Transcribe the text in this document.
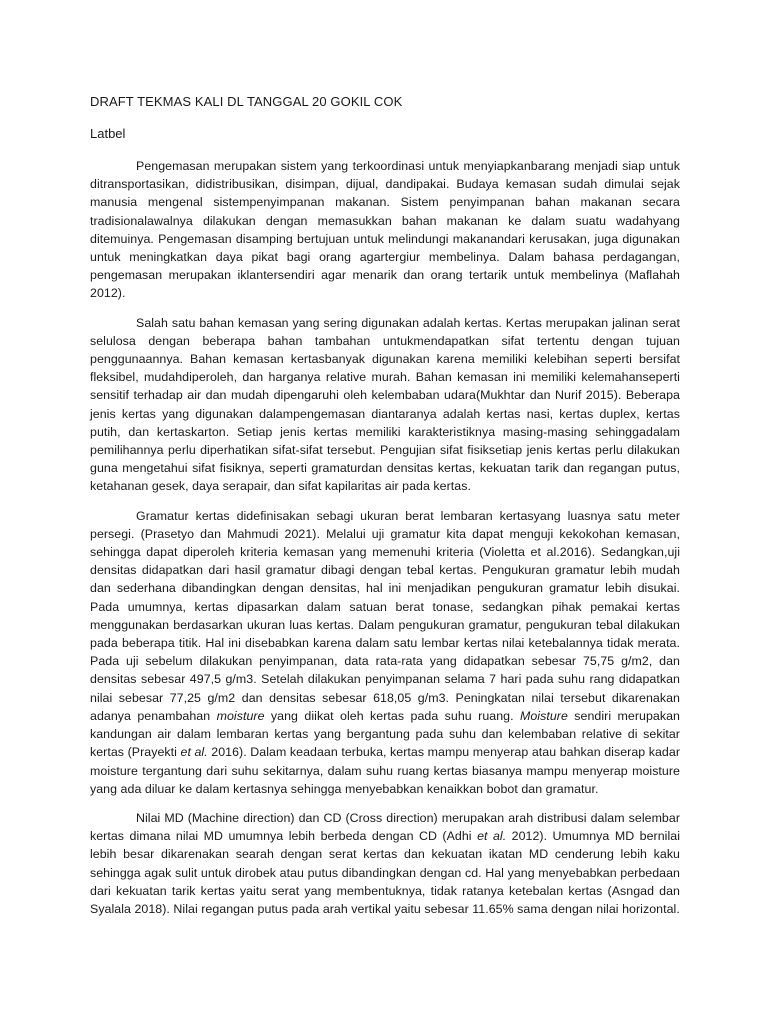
DRAFT TEKMAS KALI DL TANGGAL 20 GOKIL COK

Latbel

Pengemasan merupakan sistem yang terkoordinasi untuk menyiapkanbarang menjadi siap untuk ditransportasikan, didistribusikan, disimpan, dijual, dandipakai. Budaya kemasan sudah dimulai sejak manusia mengenal sistempenyimpanan makanan. Sistem penyimpanan bahan makanan secara tradisionalawalnya dilakukan dengan memasukkan bahan makanan ke dalam suatu wadahyang ditemuinya. Pengemasan disamping bertujuan untuk melindungi makanandari kerusakan, juga digunakan untuk meningkatkan daya pikat bagi orang agartergiur membelinya. Dalam bahasa perdagangan, pengemasan merupakan iklantersendiri agar menarik dan orang tertarik untuk membelinya (Maflahah 2012).

Salah satu bahan kemasan yang sering digunakan adalah kertas. Kertas merupakan jalinan serat selulosa dengan beberapa bahan tambahan untukmendapatkan sifat tertentu dengan tujuan penggunaannya. Bahan kemasan kertasbanyak digunakan karena memiliki kelebihan seperti bersifat fleksibel, mudahdiperoleh, dan harganya relative murah. Bahan kemasan ini memiliki kelemahanseperti sensitif terhadap air dan mudah dipengaruhi oleh kelembaban udara(Mukhtar dan Nurif 2015). Beberapa jenis kertas yang digunakan dalampengemasan diantaranya adalah kertas nasi, kertas duplex, kertas putih, dan kertaskarton. Setiap jenis kertas memiliki karakteristiknya masing-masing sehinggadalam pemilihannya perlu diperhatikan sifat-sifat tersebut. Pengujian sifat fisiksetiap jenis kertas perlu dilakukan guna mengetahui sifat fisiknya, seperti gramaturdan densitas kertas, kekuatan tarik dan regangan putus, ketahanan gesek, daya serapair, dan sifat kapilaritas air pada kertas.

Gramatur kertas didefinisakan sebagi ukuran berat lembaran kertasyang luasnya satu meter persegi. (Prasetyo dan Mahmudi 2021). Melalui uji gramatur kita dapat menguji kekokohan kemasan, sehingga dapat diperoleh kriteria kemasan yang memenuhi kriteria (Violetta et al.2016). Sedangkan,uji densitas didapatkan dari hasil gramatur dibagi dengan tebal kertas. Pengukuran gramatur lebih mudah dan sederhana dibandingkan dengan densitas, hal ini menjadikan pengukuran gramatur lebih disukai. Pada umumnya, kertas dipasarkan dalam satuan berat tonase, sedangkan pihak pemakai kertas menggunakan berdasarkan ukuran luas kertas. Dalam pengukuran gramatur, pengukuran tebal dilakukan pada beberapa titik. Hal ini disebabkan karena dalam satu lembar kertas nilai ketebalannya tidak merata. Pada uji sebelum dilakukan penyimpanan, data rata-rata yang didapatkan sebesar 75,75 g/m2, dan densitas sebesar 497,5 g/m3. Setelah dilakukan penyimpanan selama 7 hari pada suhu rang didapatkan nilai sebesar 77,25 g/m2 dan densitas sebesar 618,05 g/m3. Peningkatan nilai tersebut dikarenakan adanya penambahan moisture yang diikat oleh kertas pada suhu ruang. Moisture sendiri merupakan kandungan air dalam lembaran kertas yang bergantung pada suhu dan kelembaban relative di sekitar kertas (Prayekti et al. 2016). Dalam keadaan terbuka, kertas mampu menyerap atau bahkan diserap kadar moisture tergantung dari suhu sekitarnya, dalam suhu ruang kertas biasanya mampu menyerap moisture yang ada diluar ke dalam kertasnya sehingga menyebabkan kenaikkan bobot dan gramatur.

Nilai MD (Machine direction) dan CD (Cross direction) merupakan arah distribusi dalam selembar kertas dimana nilai MD umumnya lebih berbeda dengan CD (Adhi et al. 2012). Umumnya MD bernilai lebih besar dikarenakan searah dengan serat kertas dan kekuatan ikatan MD cenderung lebih kaku sehingga agak sulit untuk dirobek atau putus dibandingkan dengan cd. Hal yang menyebabkan perbedaan dari kekuatan tarik kertas yaitu serat yang membentuknya, tidak ratanya ketebalan kertas (Asngad dan Syalala 2018). Nilai regangan putus pada arah vertikal yaitu sebesar 11.65% sama dengan nilai horizontal.
